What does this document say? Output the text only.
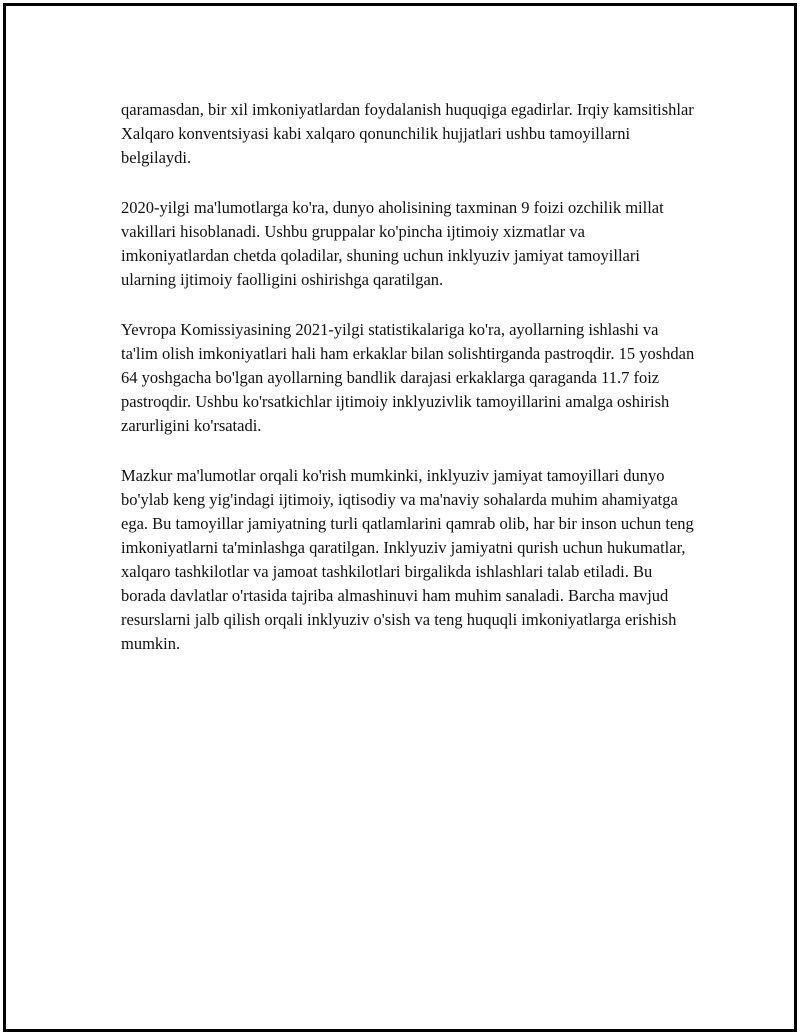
qaramasdan, bir xil imkoniyatlardan foydalanish huquqiga egadirlar. Irqiy kamsitishlar Xalqaro konventsiyasi kabi xalqaro qonunchilik hujjatlari ushbu tamoyillarni belgilaydi.

2020-yilgi ma'lumotlarga ko'ra, dunyo aholisining taxminan 9 foizi ozchilik millat vakillari hisoblanadi. Ushbu gruppalar ko'pincha ijtimoiy xizmatlar va imkoniyatlardan chetda qoladilar, shuning uchun inklyuziv jamiyat tamoyillari ularning ijtimoiy faolligini oshirishga qaratilgan.

Yevropa Komissiyasining 2021-yilgi statistikalariga ko'ra, ayollarning ishlashi va ta'lim olish imkoniyatlari hali ham erkaklar bilan solishtirganda pastroqdir. 15 yoshdan 64 yoshgacha bo'lgan ayollarning bandlik darajasi erkaklarga qaraganda 11.7 foiz pastroqdir. Ushbu ko'rsatkichlar ijtimoiy inklyuzivlik tamoyillarini amalga oshirish zarurligini ko'rsatadi.

Mazkur ma'lumotlar orqali ko'rish mumkinki, inklyuziv jamiyat tamoyillari dunyo bo'ylab keng yig'indagi ijtimoiy, iqtisodiy va ma'naviy sohalarda muhim ahamiyatga ega. Bu tamoyillar jamiyatning turli qatlamlarini qamrab olib, har bir inson uchun teng imkoniyatlarni ta'minlashga qaratilgan. Inklyuziv jamiyatni qurish uchun hukumatlar, xalqaro tashkilotlar va jamoat tashkilotlari birgalikda ishlashlari talab etiladi. Bu borada davlatlar o'rtasida tajriba almashinuvi ham muhim sanaladi. Barcha mavjud resurslarni jalb qilish orqali inklyuziv o'sish va teng huquqli imkoniyatlarga erishish mumkin.
